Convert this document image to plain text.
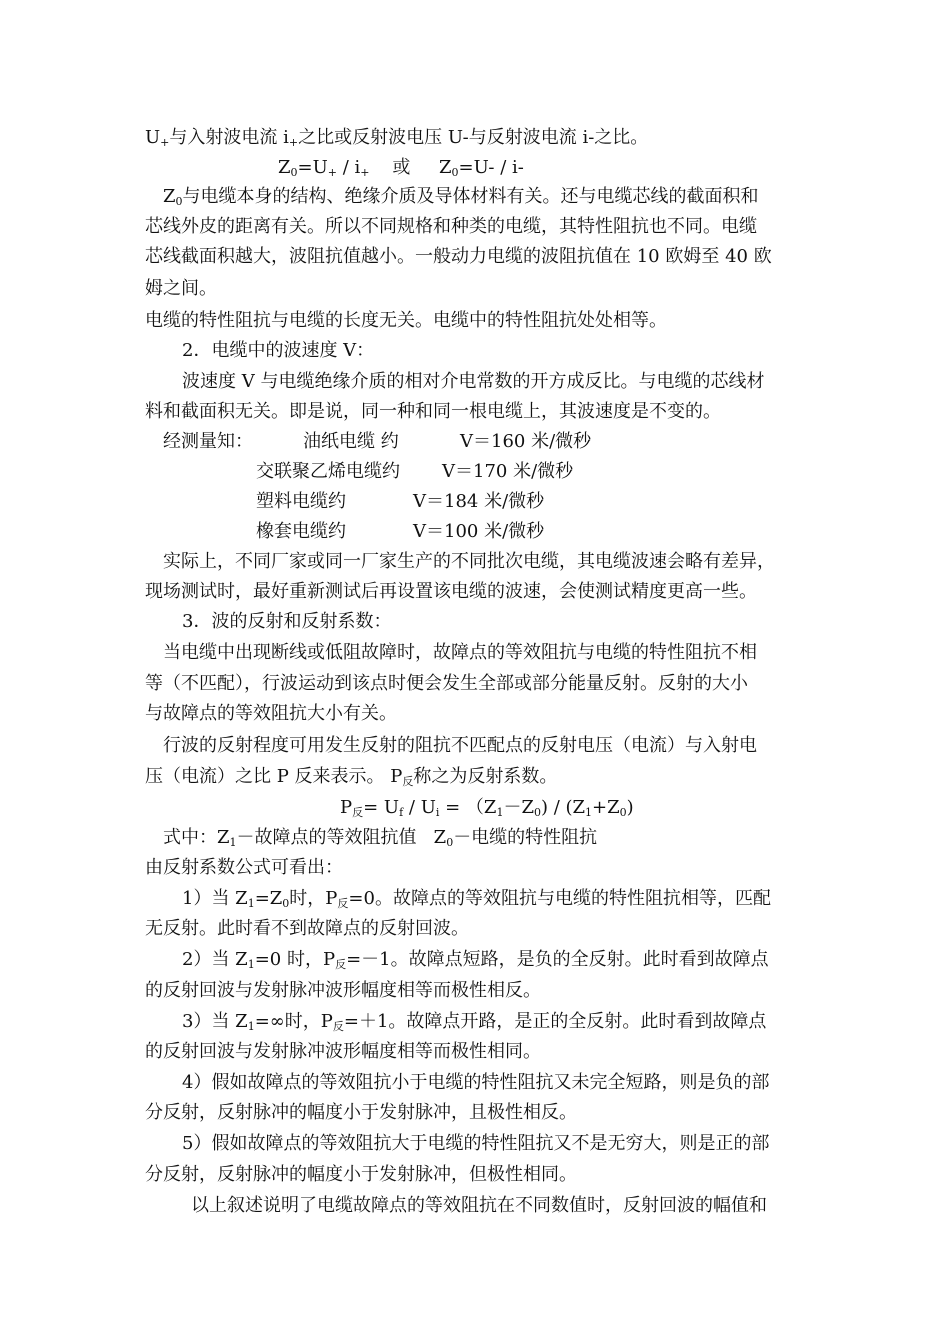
$U_+$与入射波电流 $i_+$之比或反射波电压 U-与反射波电流 i-之比。
$Z_0=U_+ / i_+$    或     $Z_0=U- / i-$
$Z_0$与电缆本身的结构、绝缘介质及导体材料有关。还与电缆芯线的截面积和
芯线外皮的距离有关。所以不同规格和种类的电缆，其特性阻抗也不同。电缆
芯线截面积越大，波阻抗值越小。一般动力电缆的波阻抗值在 10 欧姆至 40 欧
姆之间。
电缆的特性阻抗与电缆的长度无关。电缆中的特性阻抗处处相等。
2．电缆中的波速度 V：
波速度 V 与电缆绝缘介质的相对介电常数的开方成反比。与电缆的芯线材
料和截面积无关。即是说，同一种和同一根电缆上，其波速度是不变的。
经测量知：	油纸电缆 约	V＝160 米/微秒
交联聚乙烯电缆约 V＝170 米/微秒
塑料电缆约	V＝184 米/微秒
橡套电缆约	V＝100 米/微秒
实际上，不同厂家或同一厂家生产的不同批次电缆，其电缆波速会略有差异，
现场测试时，最好重新测试后再设置该电缆的波速，会使测试精度更高一些。
3．波的反射和反射系数：
当电缆中出现断线或低阻故障时，故障点的等效阻抗与电缆的特性阻抗不相
等（不匹配），行波运动到该点时便会发生全部或部分能量反射。反射的大小
与故障点的等效阻抗大小有关。
行波的反射程度可用发生反射的阻抗不匹配点的反射电压（电流）与入射电
压（电流）之比 P 反来表示。 $P_反$称之为反射系数。
$P_反= U_f / U_i = (Z_1-Z_0) / (Z_1+Z_0)$
式中：$Z_1-$故障点的等效阻抗值   $Z_0-$电缆的特性阻抗
由反射系数公式可看出：
1）当 $Z_1=Z_0$时，$P_反=0$。故障点的等效阻抗与电缆的特性阻抗相等，匹配
无反射。此时看不到故障点的反射回波。
2）当 $Z_1=0$ 时，$P_反=-1$。故障点短路，是负的全反射。此时看到故障点
的反射回波与发射脉冲波形幅度相等而极性相反。
3）当 $Z_1=\infty$时，$P_反=+1$。故障点开路，是正的全反射。此时看到故障点
的反射回波与发射脉冲波形幅度相等而极性相同。
4）假如故障点的等效阻抗小于电缆的特性阻抗又未完全短路，则是负的部
分反射，反射脉冲的幅度小于发射脉冲，且极性相反。
5）假如故障点的等效阻抗大于电缆的特性阻抗又不是无穷大，则是正的部
分反射，反射脉冲的幅度小于发射脉冲，但极性相同。
以上叙述说明了电缆故障点的等效阻抗在不同数值时，反射回波的幅值和
